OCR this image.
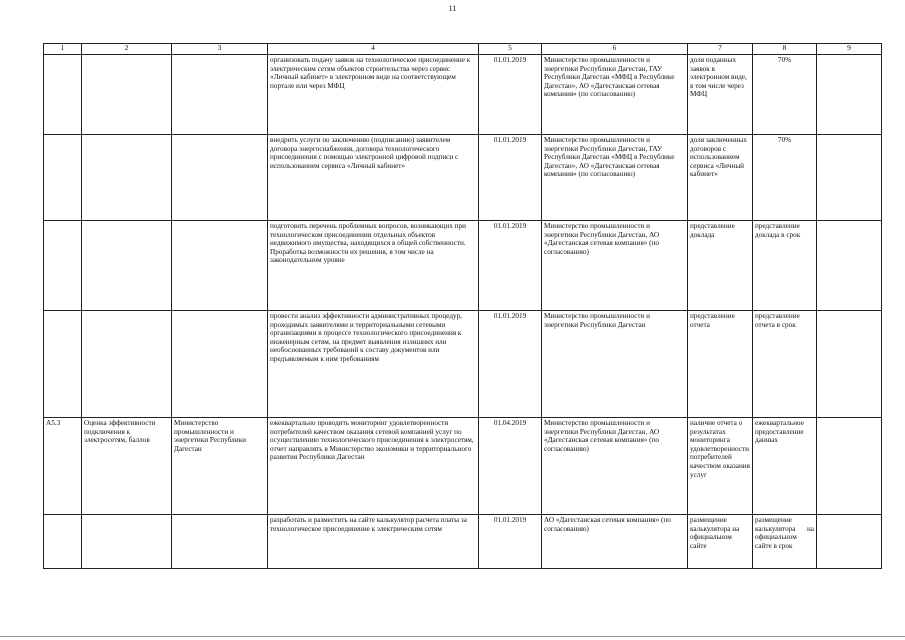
11
1	2	3	4	5	6	7	8	9
			организовать подачу заявок на технологическое присоединение к электрическим сетям объектов строительства через сервис «Личный кабинет» в электронном виде на соответствующем портале или через МФЦ	01.01.2019	Министерство промышленности и энергетики Республики Дагестан, ГАУ Республики Дагестан «МФЦ в Республике Дагестан», АО «Дагестанская сетевая компания» (по согласованию)	доля поданных заявок в электронном виде, в том числе через МФЦ	70%	
			внедрить услуги по заключению (подписанию) заявителем договора энергоснабжения, договора технологического присоединения с помощью электронной цифровой подписи с использованием сервиса «Личный кабинет»	01.01.2019	Министерство промышленности и энергетики Республики Дагестан, ГАУ Республики Дагестан «МФЦ в Республике Дагестан», АО «Дагестанская сетевая компания» (по согласованию)	доля заключенных договоров с использованием сервиса «Личный кабинет»	70%	
			подготовить перечень проблемных вопросов, возникающих при технологическом присоединении отдельных объектов недвижимого имущества, находящихся в общей собственности. Проработка возможности их решения, в том числе на законодательном уровне	01.01.2019	Министерство промышленности и энергетики Республики Дагестан, АО «Дагестанская сетевая компания» (по согласованию)	представление доклада	представление доклада в срок	
			провести анализ эффективности административных процедур, проходимых заявителями и территориальными сетевыми организациями в процессе технологического присоединения к инженерным сетям, на предмет выявления излишних или необоснованных требований к составу документов или предъявляемым к ним требованиям	01.01.2019	Министерство промышленности и энергетики Республики Дагестан	представление отчета	представление отчета в срок	
A5.3	Оценка эффективности подключения к электросетям, баллов	Министерство промышленности и энергетики Республики Дагестан	ежеквартально проводить мониторинг удовлетворенности потребителей качеством оказания сетевой компанией услуг по осуществлению технологического присоединения к электросетям, отчет направлять в Министерство экономики и территориального развития Республики Дагестан	01.04.2019	Министерство промышленности и энергетики Республики Дагестан, АО «Дагестанская сетевая компания» (по согласованию)	наличие отчета о результатах мониторинга удовлетворенности потребителей качеством оказания услуг	ежеквартальное предоставление данных	
			разработать и разместить на сайте калькулятор расчета платы за технологическое присоединение к электрическим сетям	01.01.2019	АО «Дагестанская сетевая компания» (по согласованию)	размещение калькулятора на официальном сайте	размещение калькулятора на официальном сайте в срок	
